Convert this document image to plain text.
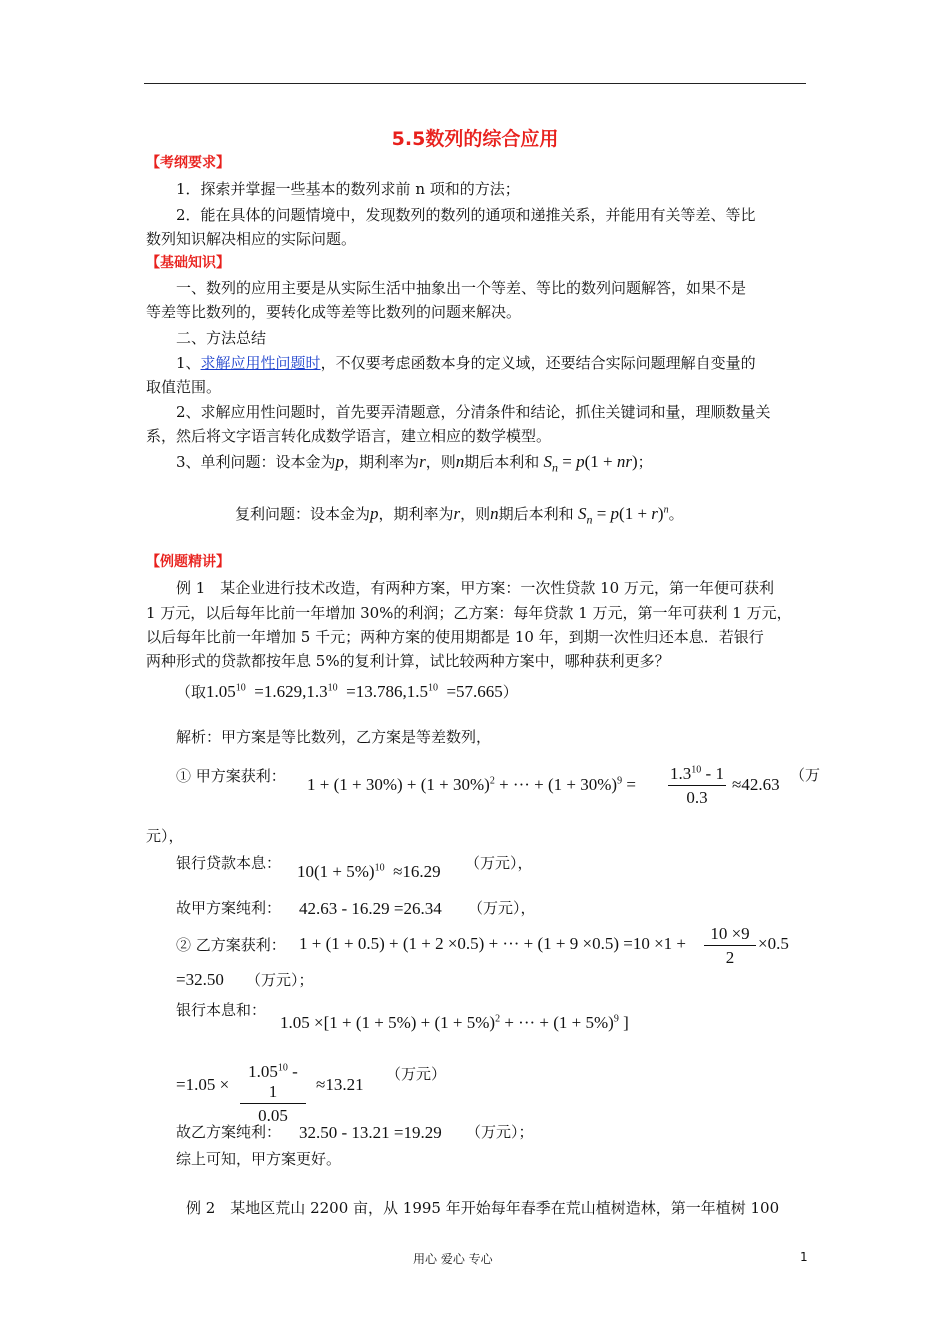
5.5数列的综合应用
【考纲要求】
1．探索并掌握一些基本的数列求前 n 项和的方法；
2．能在具体的问题情境中，发现数列的数列的通项和递推关系，并能用有关等差、等比
数列知识解决相应的实际问题。
【基础知识】
一、数列的应用主要是从实际生活中抽象出一个等差、等比的数列问题解答，如果不是
等差等比数列的，要转化成等差等比数列的问题来解决。
二、方法总结
1、求解应用性问题时，不仅要考虑函数本身的定义域，还要结合实际问题理解自变量的
取值范围。
2、求解应用性问题时，首先要弄清题意，分清条件和结论，抓住关键词和量，理顺数量关
系，然后将文字语言转化成数学语言，建立相应的数学模型。
3、单利问题：设本金为p，期利率为r，则n期后本利和 $S_n = p(1 + nr)$；
复利问题：设本金为p，期利率为r，则n期后本利和 $S_n = p(1 + r)^n$。
【例题精讲】
例 1　某企业进行技术改造，有两种方案，甲方案：一次性贷款 10 万元，第一年便可获利
1 万元，以后每年比前一年增加 30%的利润；乙方案：每年贷款 1 万元，第一年可获利 1 万元，
以后每年比前一年增加 5 千元；两种方案的使用期都是 10 年，到期一次性归还本息．若银行
两种形式的贷款都按年息 5%的复利计算，试比较两种方案中，哪种获利更多？
（取$1.05^{10} =1.629,1.3^{10} =13.786,1.5^{10} =57.665$）
解析：甲方案是等比数列，乙方案是等差数列，
① 甲方案获利： $1 + (1 + 30\%) + (1 + 30\%)^2$ + ··· + $(1 + 30\%)^9 = \frac{1.3^{10} - 1}{0.3} \approx 42.63$ （万
元），
银行贷款本息： $10(1 + 5\%)^{10} \approx 16.29$ （万元），
故甲方案纯利： 42.63 - 16.29 =26.34 （万元），
② 乙方案获利： 1 + (1 + 0.5) + (1 + 2 ×0.5) + ··· + $(1 + 9 \times 0.5) =10 \times 1 + \frac{10 \times 9}{2} \times 0.5$
=32.50 （万元）；
银行本息和：
$1.05 \times[1 + (1 + 5\%) + (1 + 5\%)^2$ + ··· + $(1 + 5\%)^9$ ]
$=1.05 \times \frac{1.05^{10} - 1}{0.05} \approx 13.21$
（万元）
故乙方案纯利： 32.50 - 13.21 =19.29 （万元）；
综上可知，甲方案更好。
例 2　某地区荒山 2200 亩，从 1995 年开始每年春季在荒山植树造林，第一年植树 100
用心 爱心 专心	1
